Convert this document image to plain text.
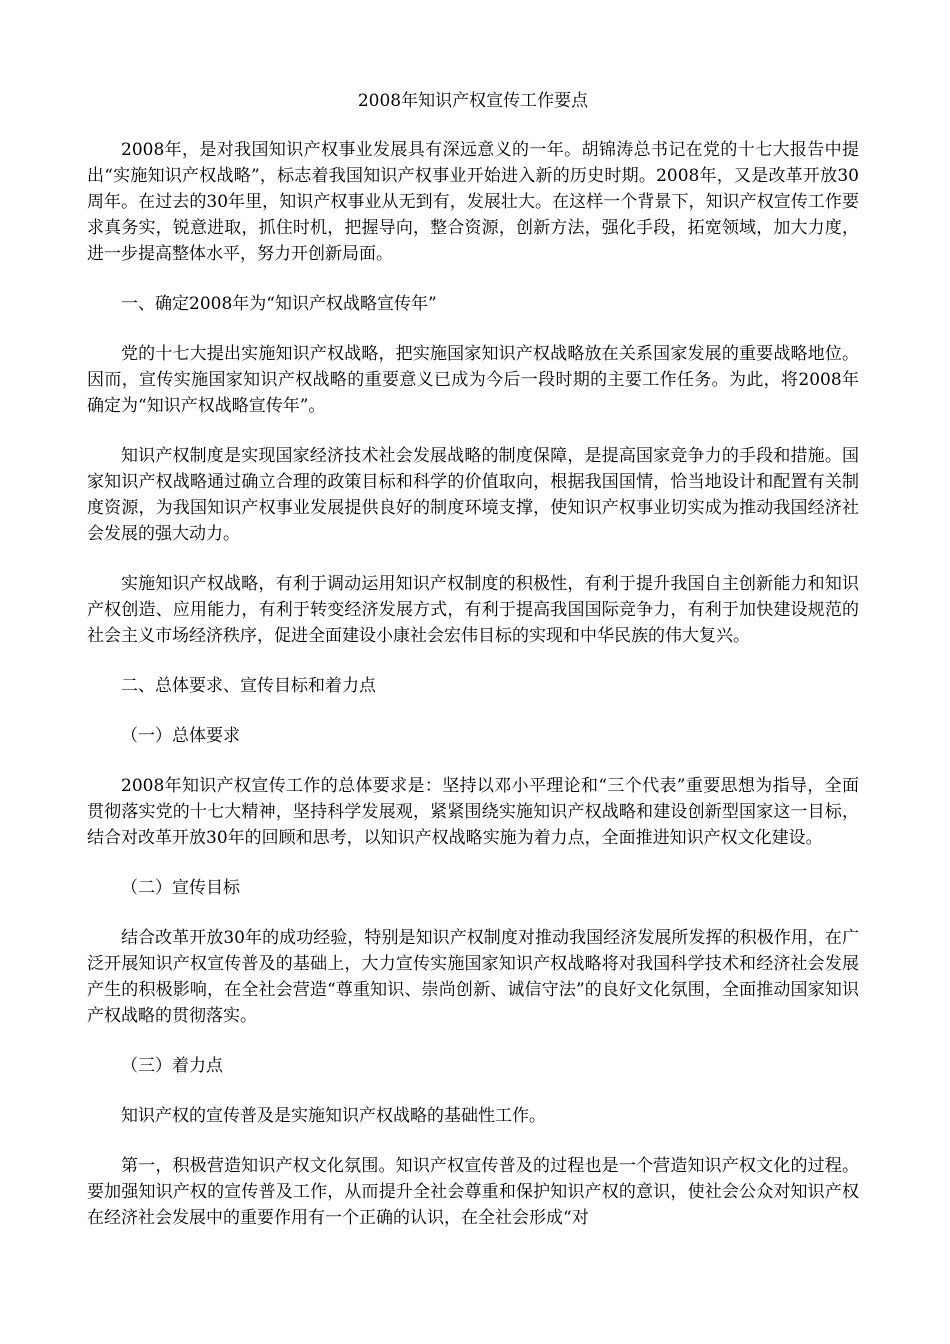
2008年知识产权宣传工作要点

2008年，是对我国知识产权事业发展具有深远意义的一年。胡锦涛总书记在党的十七大报告中提出“实施知识产权战略”，标志着我国知识产权事业开始进入新的历史时期。2008年，又是改革开放30周年。在过去的30年里，知识产权事业从无到有，发展壮大。在这样一个背景下，知识产权宣传工作要求真务实，锐意进取，抓住时机，把握导向，整合资源，创新方法，强化手段，拓宽领域，加大力度，进一步提高整体水平，努力开创新局面。

一、确定2008年为“知识产权战略宣传年”

党的十七大提出实施知识产权战略，把实施国家知识产权战略放在关系国家发展的重要战略地位。因而，宣传实施国家知识产权战略的重要意义已成为今后一段时期的主要工作任务。为此，将2008年确定为“知识产权战略宣传年”。

知识产权制度是实现国家经济技术社会发展战略的制度保障，是提高国家竞争力的手段和措施。国家知识产权战略通过确立合理的政策目标和科学的价值取向，根据我国国情，恰当地设计和配置有关制度资源，为我国知识产权事业发展提供良好的制度环境支撑，使知识产权事业切实成为推动我国经济社会发展的强大动力。

实施知识产权战略，有利于调动运用知识产权制度的积极性，有利于提升我国自主创新能力和知识产权创造、应用能力，有利于转变经济发展方式，有利于提高我国国际竞争力，有利于加快建设规范的社会主义市场经济秩序，促进全面建设小康社会宏伟目标的实现和中华民族的伟大复兴。

二、总体要求、宣传目标和着力点
（一）总体要求

2008年知识产权宣传工作的总体要求是：坚持以邓小平理论和“三个代表”重要思想为指导，全面贯彻落实党的十七大精神，坚持科学发展观，紧紧围绕实施知识产权战略和建设创新型国家这一目标，结合对改革开放30年的回顾和思考，以知识产权战略实施为着力点，全面推进知识产权文化建设。

（二）宣传目标

结合改革开放30年的成功经验，特别是知识产权制度对推动我国经济发展所发挥的积极作用，在广泛开展知识产权宣传普及的基础上，大力宣传实施国家知识产权战略将对我国科学技术和经济社会发展产生的积极影响，在全社会营造“尊重知识、崇尚创新、诚信守法”的良好文化氛围，全面推动国家知识产权战略的贯彻落实。

（三）着力点

知识产权的宣传普及是实施知识产权战略的基础性工作。

第一，积极营造知识产权文化氛围。知识产权宣传普及的过程也是一个营造知识产权文化的过程。要加强知识产权的宣传普及工作，从而提升全社会尊重和保护知识产权的意识，使社会公众对知识产权在经济社会发展中的重要作用有一个正确的认识，在全社会形成“对
